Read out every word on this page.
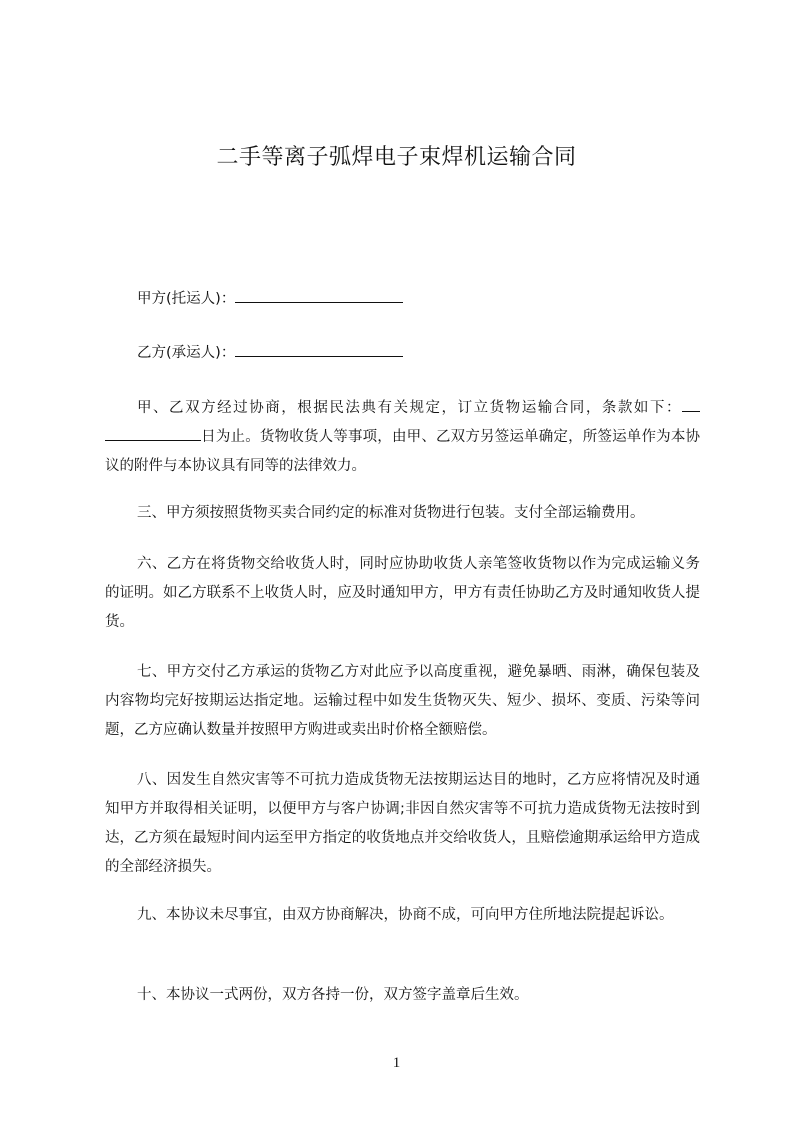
二手等离子弧焊电子束焊机运输合同

甲方(托运人)：

乙方(承运人)：

甲、乙双方经过协商，根据民法典有关规定，订立货物运输合同，条款如下： 日为止。货物收货人等事项，由甲、乙双方另签运单确定，所签运单作为本协议的附件与本协议具有同等的法律效力。

三、甲方须按照货物买卖合同约定的标准对货物进行包装。支付全部运输费用。

六、乙方在将货物交给收货人时，同时应协助收货人亲笔签收货物以作为完成运输义务的证明。如乙方联系不上收货人时，应及时通知甲方，甲方有责任协助乙方及时通知收货人提货。

七、甲方交付乙方承运的货物乙方对此应予以高度重视，避免暴晒、雨淋，确保包装及内容物均完好按期运达指定地。运输过程中如发生货物灭失、短少、损坏、变质、污染等问题，乙方应确认数量并按照甲方购进或卖出时价格全额赔偿。

八、因发生自然灾害等不可抗力造成货物无法按期运达目的地时，乙方应将情况及时通知甲方并取得相关证明，以便甲方与客户协调;非因自然灾害等不可抗力造成货物无法按时到达，乙方须在最短时间内运至甲方指定的收货地点并交给收货人，且赔偿逾期承运给甲方造成的全部经济损失。

九、本协议未尽事宜，由双方协商解决，协商不成，可向甲方住所地法院提起诉讼。

十、本协议一式两份，双方各持一份，双方签字盖章后生效。

1
